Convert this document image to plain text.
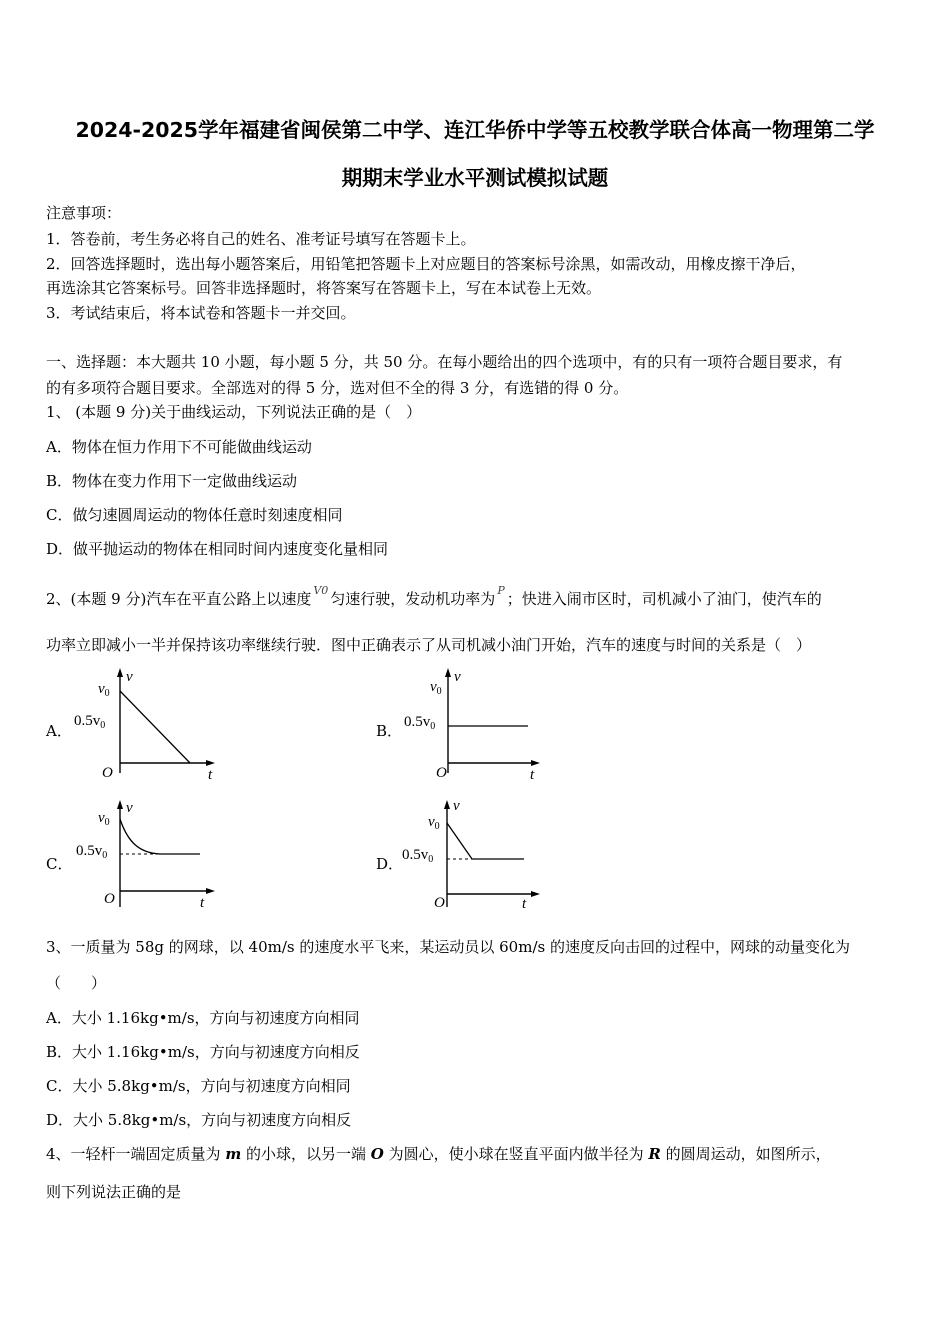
2024-2025学年福建省闽侯第二中学、连江华侨中学等五校教学联合体高一物理第二学
期期末学业水平测试模拟试题
注意事项：
1．答卷前，考生务必将自己的姓名、准考证号填写在答题卡上。
2．回答选择题时，选出每小题答案后，用铅笔把答题卡上对应题目的答案标号涂黑，如需改动，用橡皮擦干净后，
再选涂其它答案标号。回答非选择题时，将答案写在答题卡上，写在本试卷上无效。
3．考试结束后，将本试卷和答题卡一并交回。
一、选择题：本大题共 10 小题，每小题 5 分，共 50 分。在每小题给出的四个选项中，有的只有一项符合题目要求，有
的有多项符合题目要求。全部选对的得 5 分，选对但不全的得 3 分，有选错的得 0 分。
1、 (本题 9 分)关于曲线运动，下列说法正确的是（　）
A．物体在恒力作用下不可能做曲线运动
B．物体在变力作用下一定做曲线运动
C．做匀速圆周运动的物体任意时刻速度相同
D．做平抛运动的物体在相同时间内速度变化量相同
2、(本题 9 分)汽车在平直公路上以速度 $^{V0}$ 匀速行驶，发动机功率为 $^P$ ；快进入闹市区时，司机减小了油门，使汽车的
功率立即减小一半并保持该功率继续行驶．图中正确表示了从司机减小油门开始，汽车的速度与时间的关系是（　）
A．
v
$v_0$
$0.5v_0$
O	t
B．
v
$v_0$
$0.5v_0$
O	t
C．
v
$v_0$
$0.5v_0$
O	t
D．
v
$v_0$
$0.5v_0$
O	t
3、一质量为 58g 的网球，以 40m/s 的速度水平飞来，某运动员以 60m/s 的速度反向击回的过程中，网球的动量变化为
（　　）
A．大小 1.16kg•m/s，方向与初速度方向相同
B．大小 1.16kg•m/s，方向与初速度方向相反
C．大小 5.8kg•m/s，方向与初速度方向相同
D．大小 5.8kg•m/s，方向与初速度方向相反
4、一轻杆一端固定质量为 m 的小球，以另一端 O 为圆心，使小球在竖直平面内做半径为 R 的圆周运动，如图所示，
则下列说法正确的是
